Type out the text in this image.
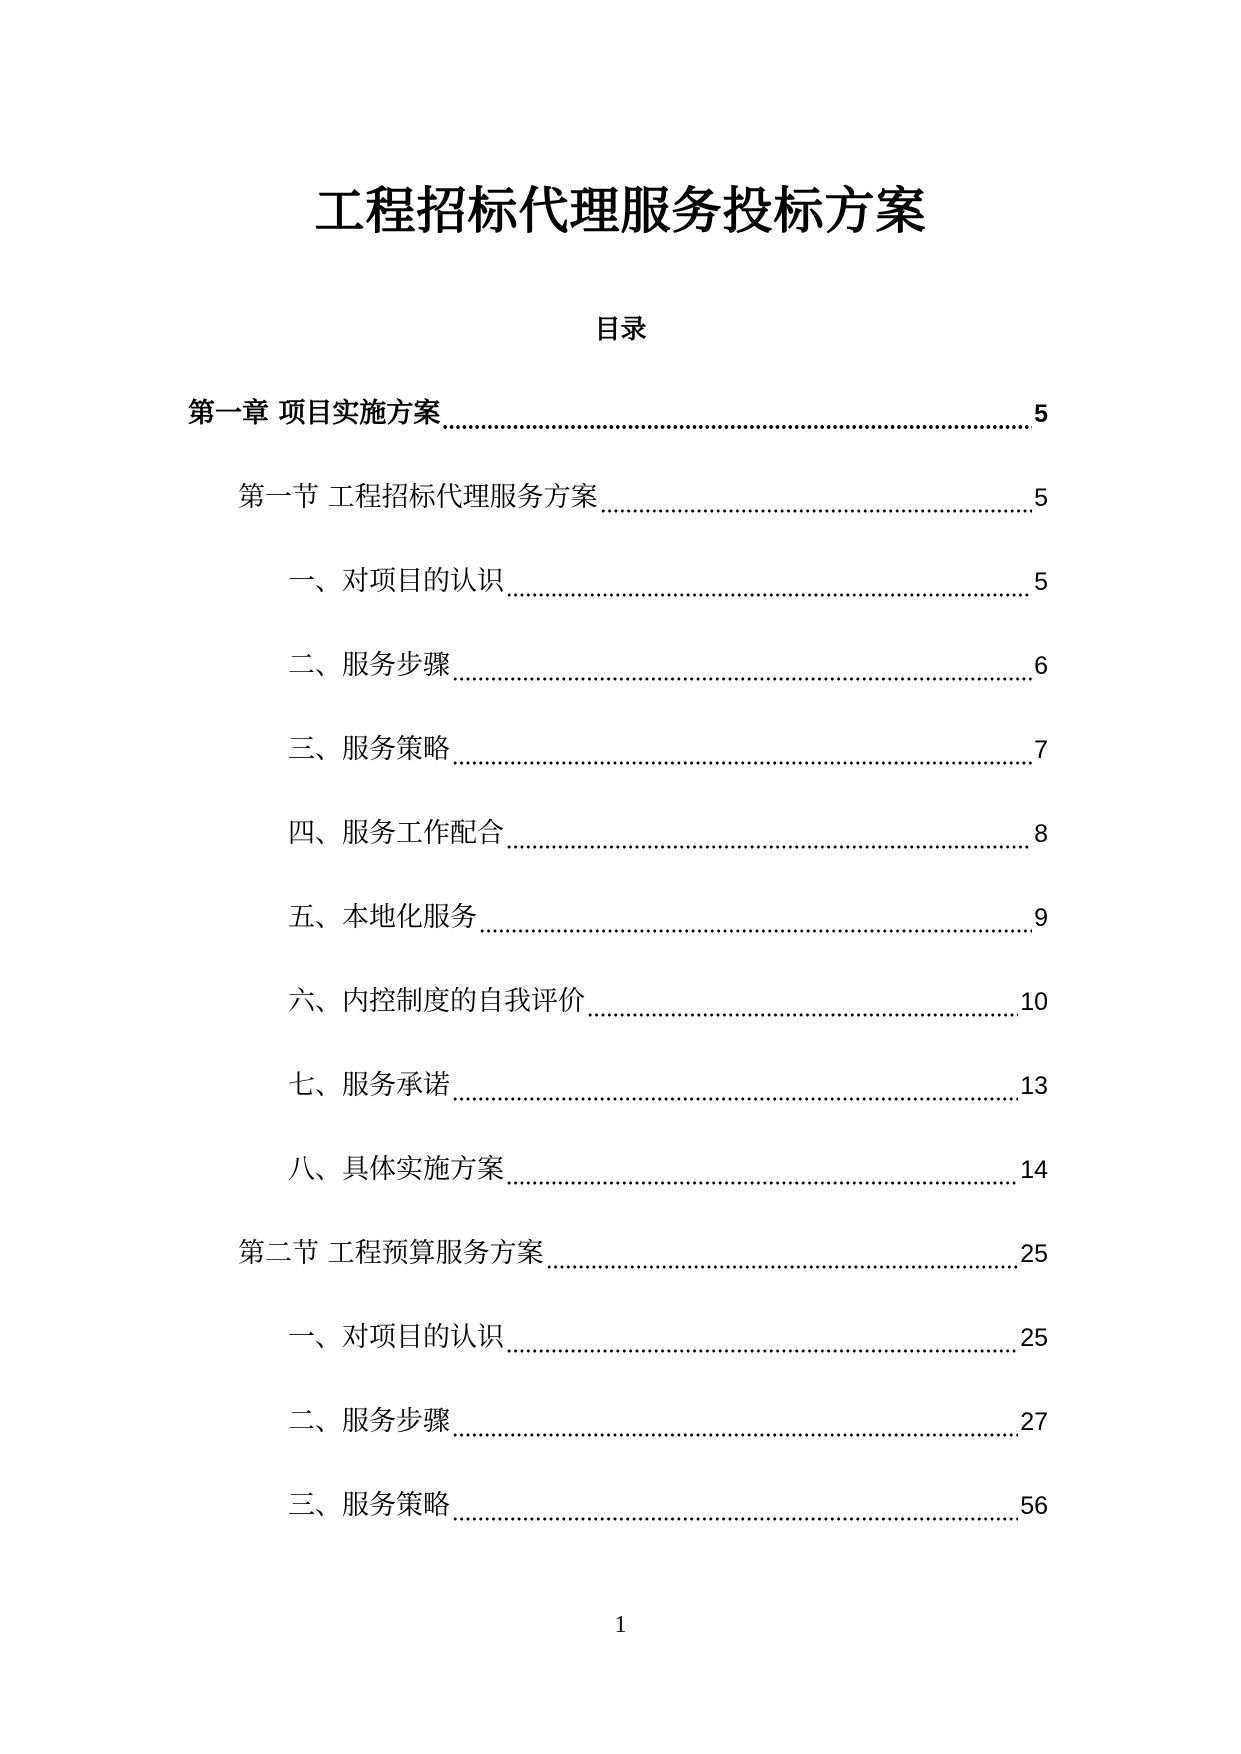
工程招标代理服务投标方案
目录
第一章 项目实施方案	5
第一节 工程招标代理服务方案	5
一、对项目的认识	5
二、服务步骤	6
三、服务策略	7
四、服务工作配合	8
五、本地化服务	9
六、内控制度的自我评价	10
七、服务承诺	13
八、具体实施方案	14
第二节 工程预算服务方案	25
一、对项目的认识	25
二、服务步骤	27
三、服务策略	56
1
